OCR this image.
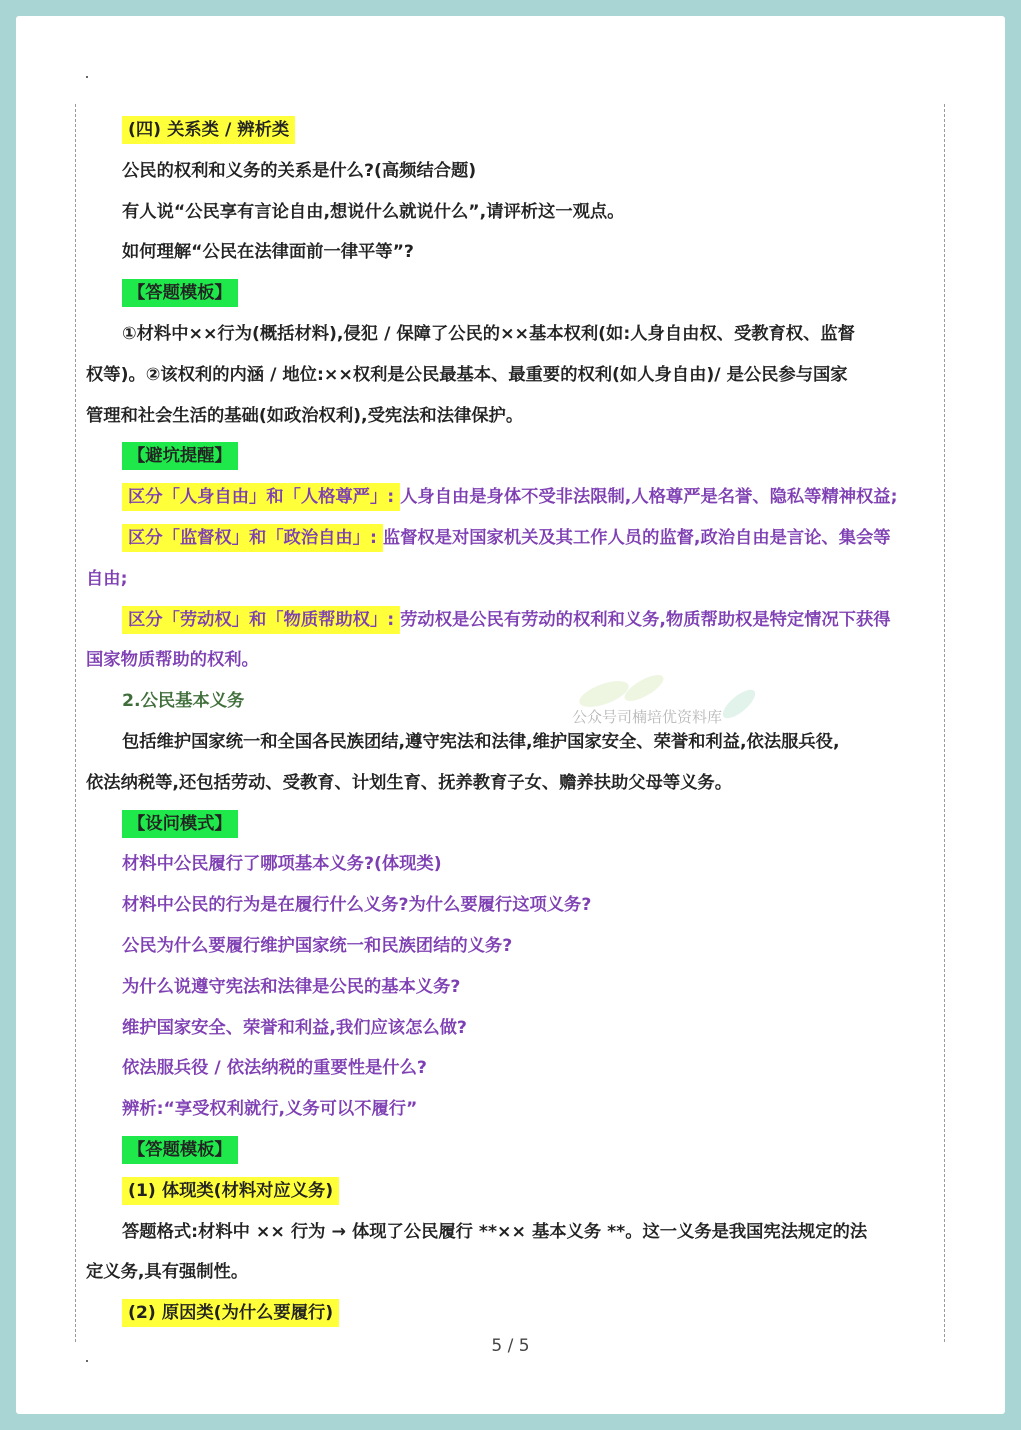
公众号司楠培优资料库

(四) 关系类 / 辨析类

公民的权利和义务的关系是什么?(高频结合题)

有人说“公民享有言论自由,想说什么就说什么”,请评析这一观点。

如何理解“公民在法律面前一律平等”?

【答题模板】

①材料中××行为(概括材料),侵犯 / 保障了公民的××基本权利(如:人身自由权、受教育权、监督

权等)。②该权利的内涵 / 地位:××权利是公民最基本、最重要的权利(如人身自由)/ 是公民参与国家

管理和社会生活的基础(如政治权利),受宪法和法律保护。

【避坑提醒】

区分「人身自由」和「人格尊严」: 人身自由是身体不受非法限制,人格尊严是名誉、隐私等精神权益;

区分「监督权」和「政治自由」: 监督权是对国家机关及其工作人员的监督,政治自由是言论、集会等

自由;

区分「劳动权」和「物质帮助权」: 劳动权是公民有劳动的权利和义务,物质帮助权是特定情况下获得

国家物质帮助的权利。

2.公民基本义务

包括维护国家统一和全国各民族团结,遵守宪法和法律,维护国家安全、荣誉和利益,依法服兵役,

依法纳税等,还包括劳动、受教育、计划生育、抚养教育子女、赡养扶助父母等义务。

【设问模式】

材料中公民履行了哪项基本义务?(体现类)

材料中公民的行为是在履行什么义务?为什么要履行这项义务?

公民为什么要履行维护国家统一和民族团结的义务?

为什么说遵守宪法和法律是公民的基本义务?

维护国家安全、荣誉和利益,我们应该怎么做?

依法服兵役 / 依法纳税的重要性是什么?

辨析:“享受权利就行,义务可以不履行”

【答题模板】

(1) 体现类(材料对应义务)

答题格式:材料中 ×× 行为 → 体现了公民履行 **×× 基本义务 **。这一义务是我国宪法规定的法

定义务,具有强制性。

(2) 原因类(为什么要履行)

5 / 5
